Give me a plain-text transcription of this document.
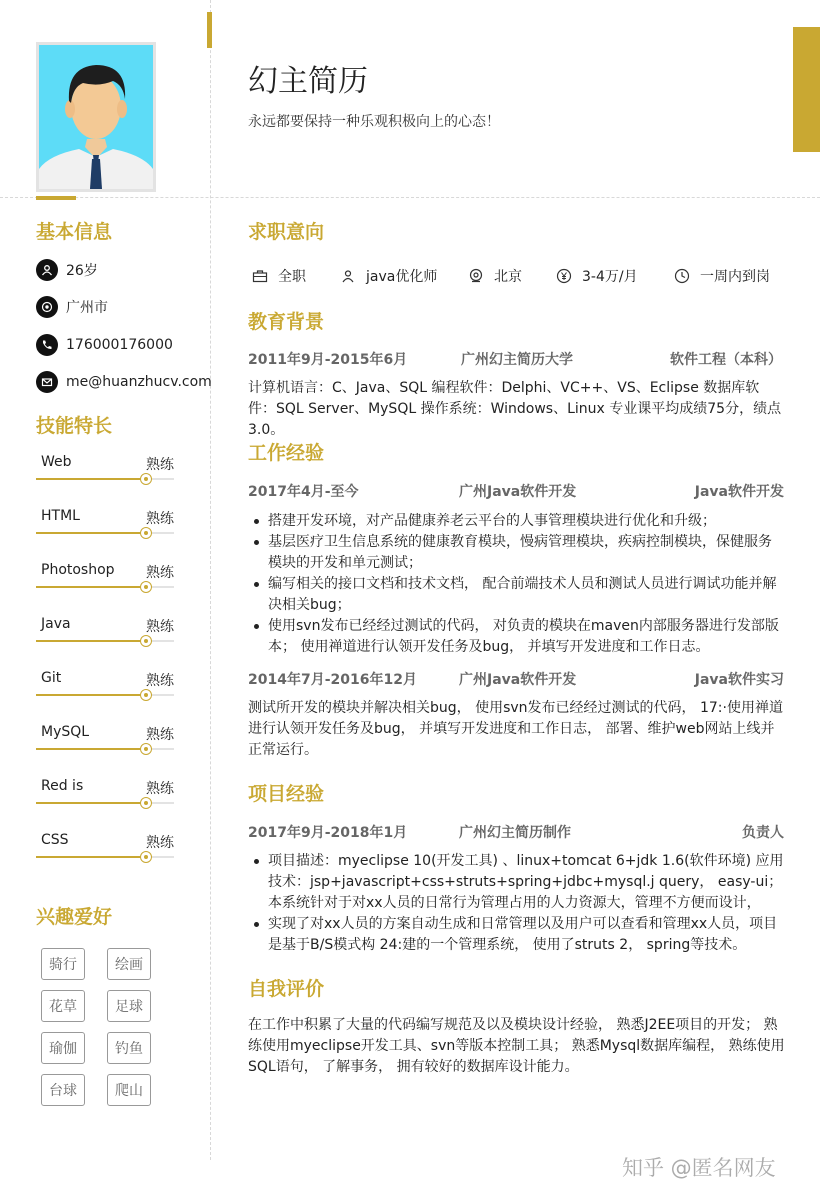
幻主简历
永远都要保持一种乐观积极向上的心态！
基本信息
26岁
广州市
176000176000
me@huanzhucv.com
技能特长
Web	熟练
HTML	熟练
Photoshop 熟练
Java	熟练
Git	熟练
MySQL	熟练
Red is	熟练
CSS	熟练
兴趣爱好
骑行	绘画
花草	足球
瑜伽	钓鱼
台球	爬山
求职意向
全职	java优化师	北京	3-4万/月	一周内到岗
教育背景
2011年9月-2015年6月	广州幻主简历大学	软件工程（本科）
计算机语言：C、Java、SQL 编程软件：Delphi、VC++、VS、Eclipse 数据库软件：SQL Server、MySQL 操作系统：Windows、Linux 专业课平均成绩75分，绩点3.0。
工作经验
2017年4月-至今	广州Java软件开发	Java软件开发
搭建开发环境，对产品健康养老云平台的人事管理模块进行优化和升级；
基层医疗卫生信息系统的健康教育模块，慢病管理模块，疾病控制模块，保健服务模块的开发和单元测试；
编写相关的接口文档和技术文档， 配合前端技术人员和测试人员进行调试功能并解决相关bug；
使用svn发布已经经过测试的代码， 对负责的模块在maven内部服务器进行发部版本； 使用禅道进行认领开发任务及bug， 并填写开发进度和工作日志。
2014年7月-2016年12月	广州Java软件开发	Java软件实习
测试所开发的模块并解决相关bug， 使用svn发布已经经过测试的代码， 17:·使用禅道进行认领开发任务及bug， 并填写开发进度和工作日志， 部署、维护web网站上线并正常运行。
项目经验
2017年9月-2018年1月	广州幻主简历制作	负责人
项目描述：myeclipse 10(开发工具) 、linux+tomcat 6+jdk 1.6(软件环境) 应用技术：jsp+javascript+css+struts+spring+jdbc+mysql.j query， easy-ui； 本系统针对于对xx人员的日常行为管理占用的人力资源大，管理不方便而设计，
实现了对xx人员的方案自动生成和日常管理以及用户可以查看和管理xx人员，项目是基于B/S模式构 24:建的一个管理系统， 使用了struts 2， spring等技术。
自我评价
在工作中积累了大量的代码编写规范及以及模块设计经验， 熟悉J2EE项目的开发； 熟练使用myeclipse开发工具、svn等版本控制工具； 熟悉Mysql数据库编程， 熟练使用SQL语句， 了解事务， 拥有较好的数据库设计能力。
知乎 @匿名网友
